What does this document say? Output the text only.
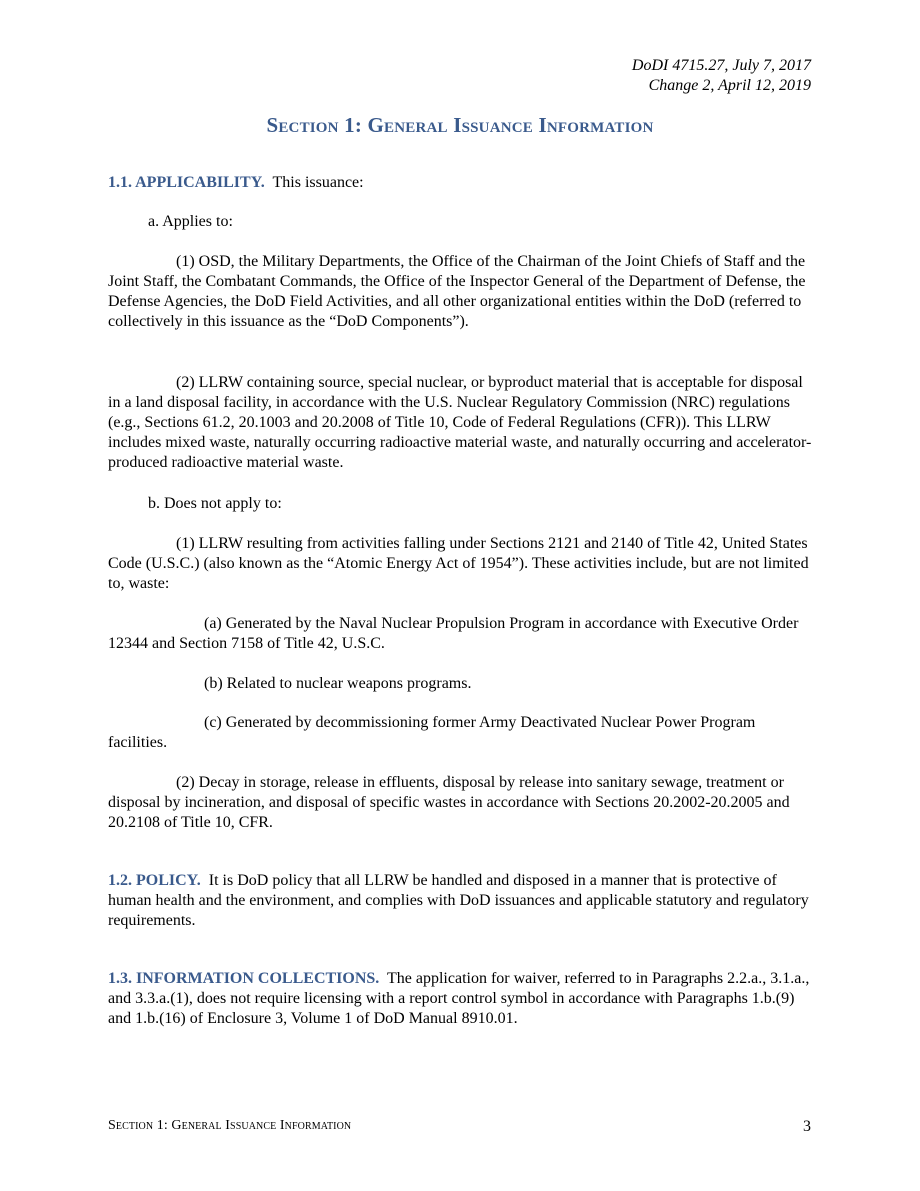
DoDI 4715.27, July 7, 2017
Change 2, April 12, 2019
Section 1: General Issuance Information

1.1. APPLICABILITY.  This issuance:

a. Applies to:

(1) OSD, the Military Departments, the Office of the Chairman of the Joint Chiefs of Staff and the Joint Staff, the Combatant Commands, the Office of the Inspector General of the Department of Defense, the Defense Agencies, the DoD Field Activities, and all other organizational entities within the DoD (referred to collectively in this issuance as the “DoD Components”).

(2) LLRW containing source, special nuclear, or byproduct material that is acceptable for disposal in a land disposal facility, in accordance with the U.S. Nuclear Regulatory Commission (NRC) regulations (e.g., Sections 61.2, 20.1003 and 20.2008 of Title 10, Code of Federal Regulations (CFR)). This LLRW includes mixed waste, naturally occurring radioactive material waste, and naturally occurring and accelerator-produced radioactive material waste.

b. Does not apply to:

(1) LLRW resulting from activities falling under Sections 2121 and 2140 of Title 42, United States Code (U.S.C.) (also known as the “Atomic Energy Act of 1954”). These activities include, but are not limited to, waste:

(a) Generated by the Naval Nuclear Propulsion Program in accordance with Executive Order 12344 and Section 7158 of Title 42, U.S.C.

(b) Related to nuclear weapons programs.

(c) Generated by decommissioning former Army Deactivated Nuclear Power Program facilities.

(2) Decay in storage, release in effluents, disposal by release into sanitary sewage, treatment or disposal by incineration, and disposal of specific wastes in accordance with Sections 20.2002-20.2005 and 20.2108 of Title 10, CFR.

1.2. POLICY.  It is DoD policy that all LLRW be handled and disposed in a manner that is protective of human health and the environment, and complies with DoD issuances and applicable statutory and regulatory requirements.

1.3. INFORMATION COLLECTIONS.  The application for waiver, referred to in Paragraphs 2.2.a., 3.1.a., and 3.3.a.(1), does not require licensing with a report control symbol in accordance with Paragraphs 1.b.(9) and 1.b.(16) of Enclosure 3, Volume 1 of DoD Manual 8910.01.

Section 1: General Issuance Information	3
